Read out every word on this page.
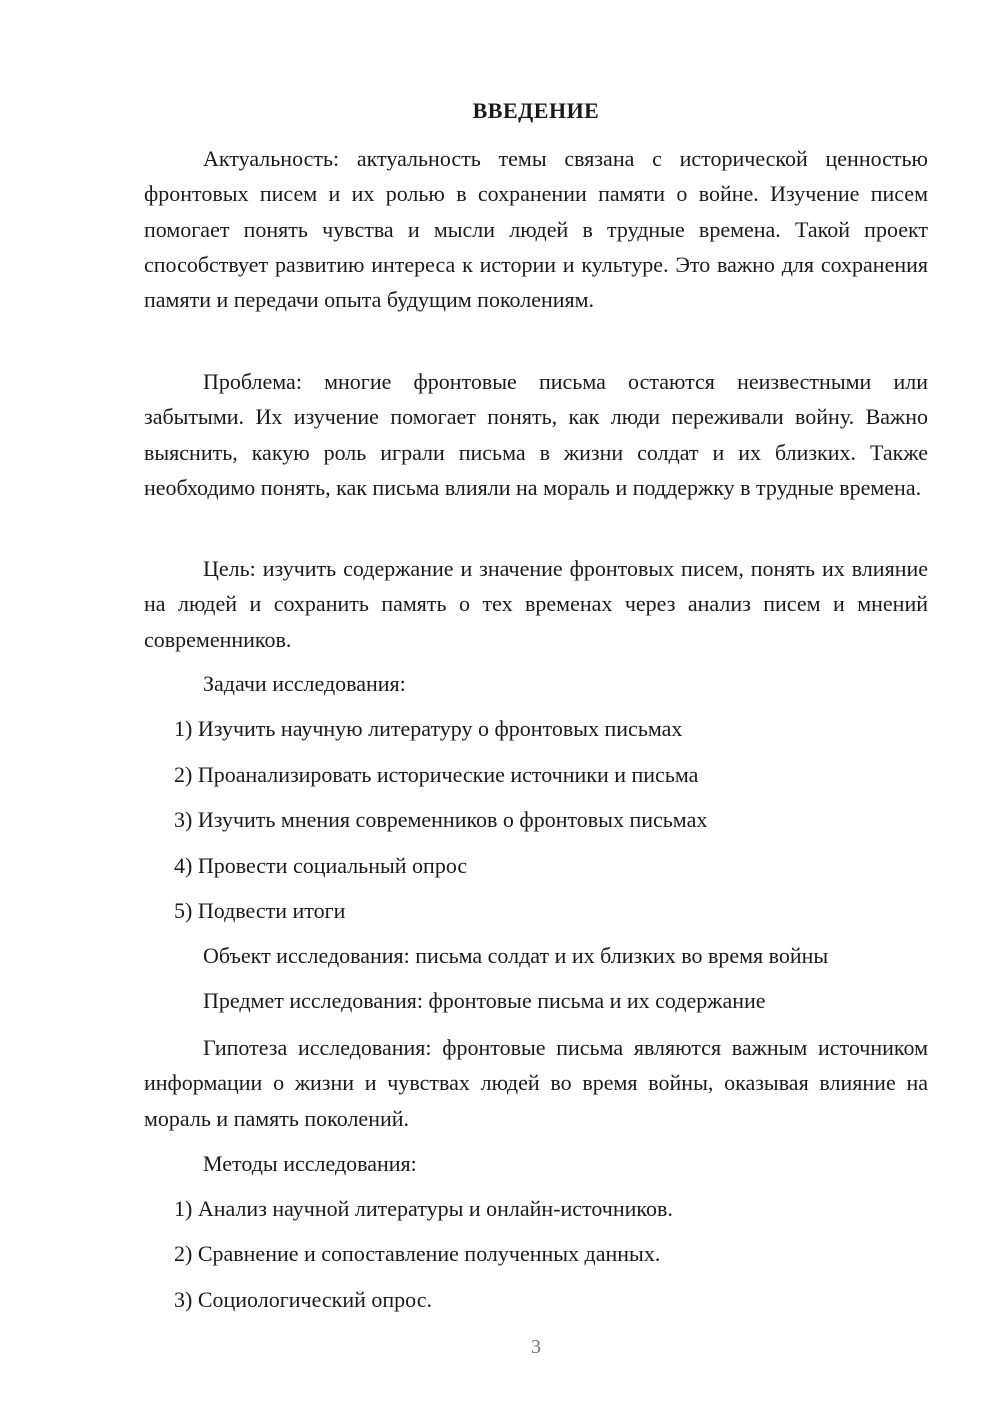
ВВЕДЕНИЕ

Актуальность: актуальность темы связана с исторической ценностью фронтовых писем и их ролью в сохранении памяти о войне. Изучение писем помогает понять чувства и мысли людей в трудные времена. Такой проект способствует развитию интереса к истории и культуре. Это важно для сохранения памяти и передачи опыта будущим поколениям.

Проблема: многие фронтовые письма остаются неизвестными или забытыми. Их изучение помогает понять, как люди переживали войну. Важно выяснить, какую роль играли письма в жизни солдат и их близких. Также необходимо понять, как письма влияли на мораль и поддержку в трудные времена.

Цель: изучить содержание и значение фронтовых писем, понять их влияние на людей и сохранить память о тех временах через анализ писем и мнений современников.

Задачи исследования:
1) Изучить научную литературу о фронтовых письмах
2) Проанализировать исторические источники и письма
3) Изучить мнения современников о фронтовых письмах
4) Провести социальный опрос
5) Подвести итоги
Объект исследования: письма солдат и их близких во время войны
Предмет исследования: фронтовые письма и их содержание

Гипотеза исследования: фронтовые письма являются важным источником информации о жизни и чувствах людей во время войны, оказывая влияние на мораль и память поколений.

Методы исследования:
1) Анализ научной литературы и онлайн-источников.
2) Сравнение и сопоставление полученных данных.
3) Социологический опрос.
3
